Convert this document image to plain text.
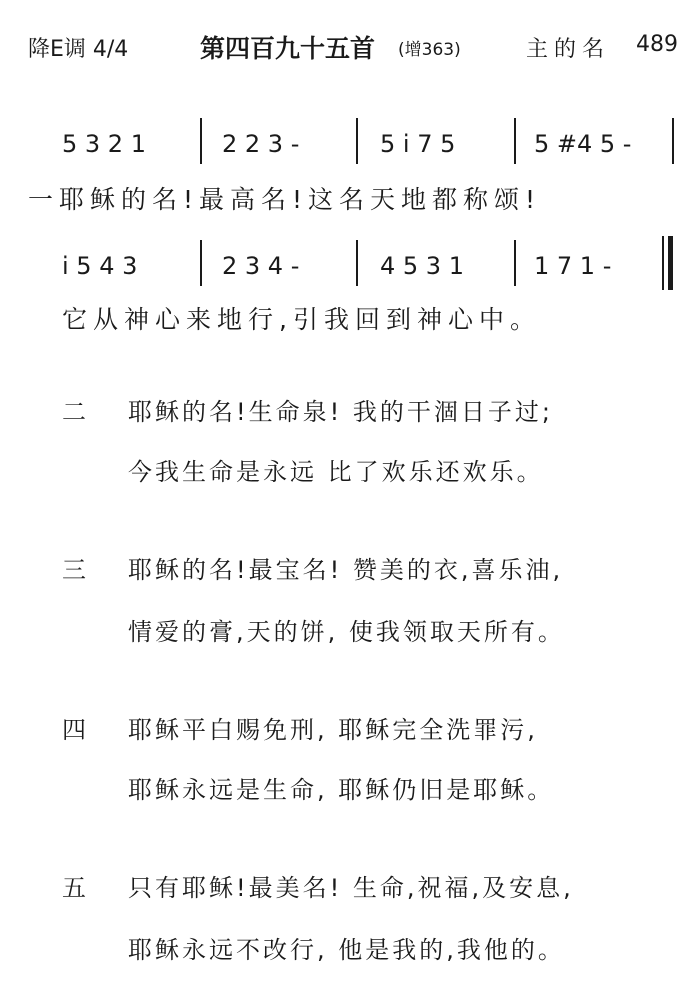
降E调 4/4	第四百九十五首 (增363)	主的名 489
5 3 2 1	2 2 3 -	5 i 7 5	5 #4 5 -
一耶稣的名!最高名!这名天地都称颂!
i 5 4 3	2 3 4 -	4 5 3 1	1 7 1 -
它从神心来地行,引我回到神心中。
二 耶稣的名!生命泉! 我的干涸日子过;
今我生命是永远 比了欢乐还欢乐。
三 耶稣的名!最宝名! 赞美的衣,喜乐油,
情爱的膏,天的饼, 使我领取天所有。
四 耶稣平白赐免刑, 耶稣完全洗罪污,
耶稣永远是生命, 耶稣仍旧是耶稣。
五 只有耶稣!最美名! 生命,祝福,及安息,
耶稣永远不改行, 他是我的,我他的。
